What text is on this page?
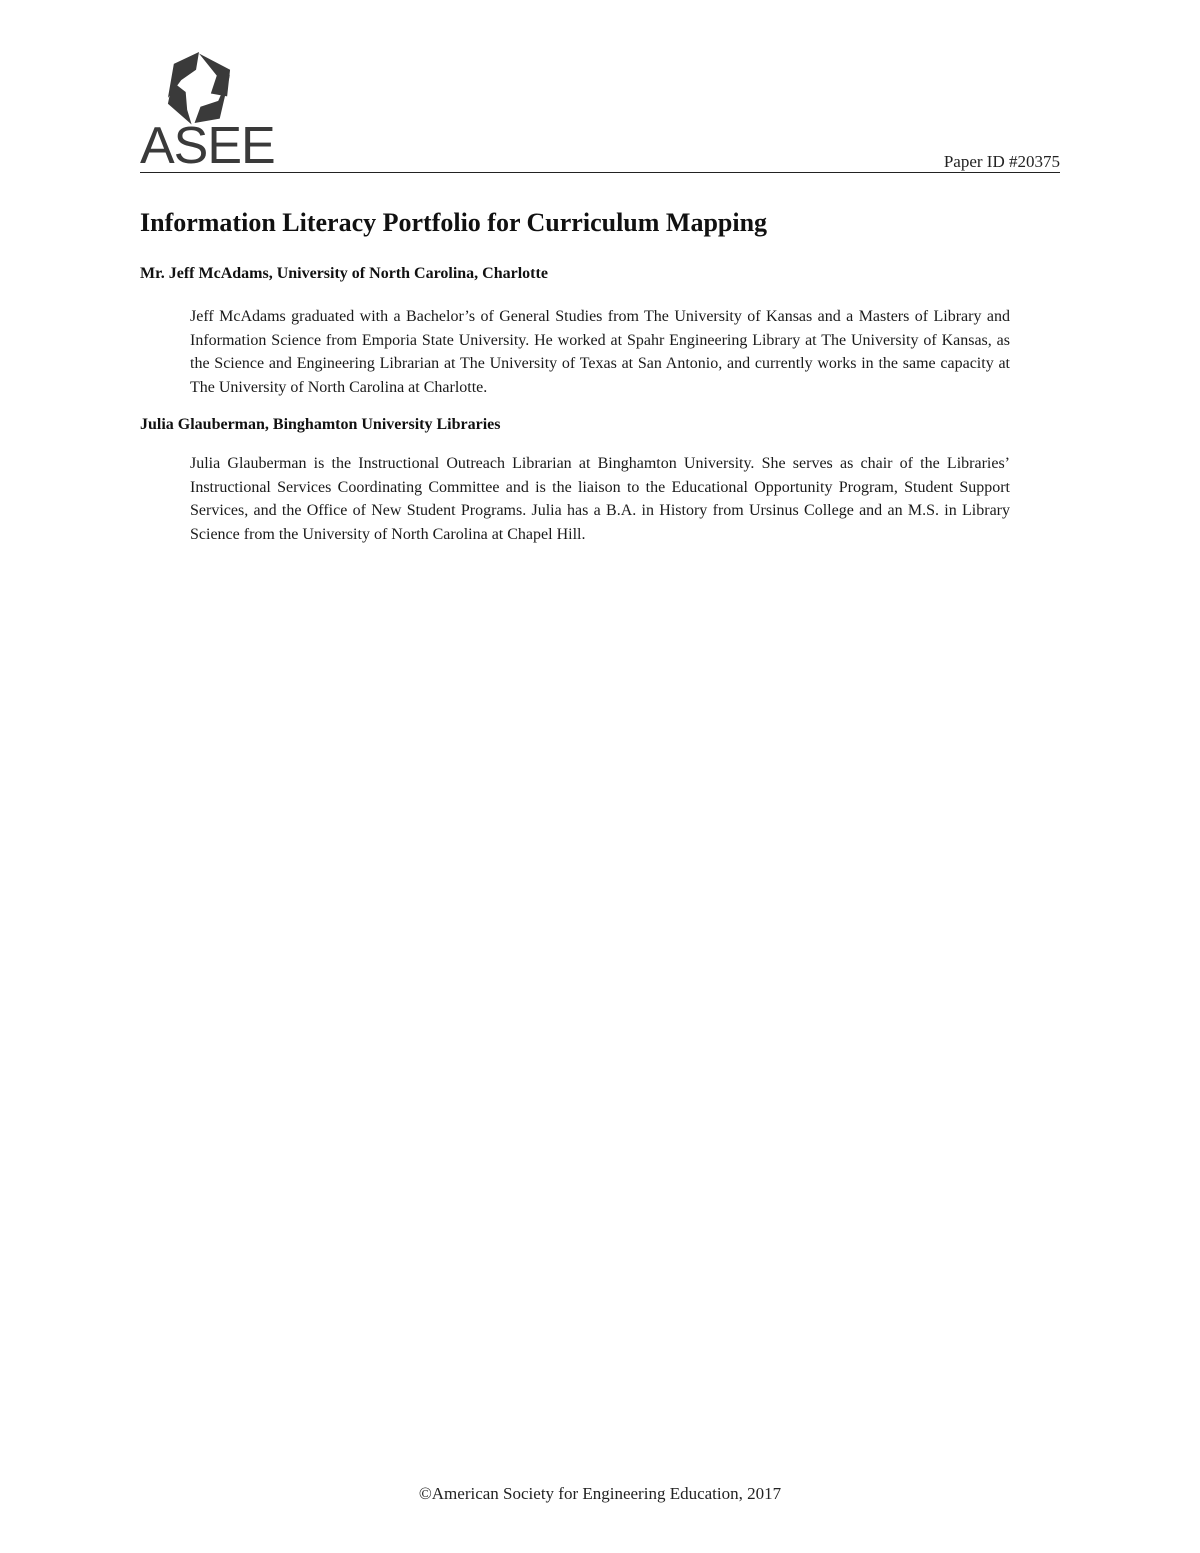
ASEE	Paper ID #20375
Information Literacy Portfolio for Curriculum Mapping

Mr. Jeff McAdams, University of North Carolina, Charlotte

Jeff McAdams graduated with a Bachelor’s of General Studies from The University of Kansas and a Masters of Library and Information Science from Emporia State University. He worked at Spahr Engineering Library at The University of Kansas, as the Science and Engineering Librarian at The University of Texas at San Antonio, and currently works in the same capacity at The University of North Carolina at Charlotte.

Julia Glauberman, Binghamton University Libraries

Julia Glauberman is the Instructional Outreach Librarian at Binghamton University. She serves as chair of the Libraries’ Instructional Services Coordinating Committee and is the liaison to the Educational Opportunity Program, Student Support Services, and the Office of New Student Programs. Julia has a B.A. in History from Ursinus College and an M.S. in Library Science from the University of North Carolina at Chapel Hill.

©American Society for Engineering Education, 2017
